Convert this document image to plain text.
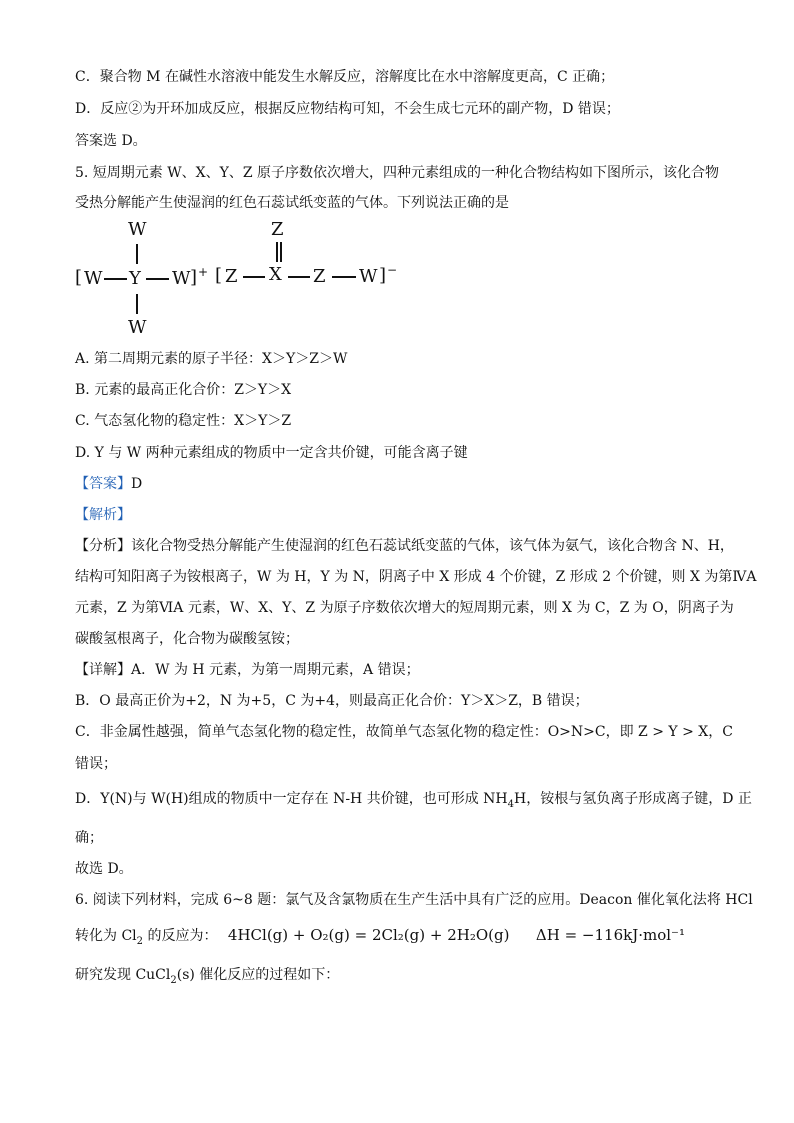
C．聚合物 M 在碱性水溶液中能发生水解反应，溶解度比在水中溶解度更高，C 正确；
D．反应②为开环加成反应，根据反应物结构可知，不会生成七元环的副产物，D 错误；
答案选 D。
5. 短周期元素 W、X、Y、Z 原子序数依次增大，四种元素组成的一种化合物结构如下图所示，该化合物
受热分解能产生使湿润的红色石蕊试纸变蓝的气体。下列说法正确的是
W
[ W Y W ] +
W
[ Z
Z
X Z W ] −
A. 第二周期元素的原子半径：X＞Y＞Z＞W
B. 元素的最高正化合价：Z＞Y＞X
C. 气态氢化物的稳定性：X＞Y＞Z
D. Y 与 W 两种元素组成的物质中一定含共价键，可能含离子键
【答案】D
【解析】
【分析】该化合物受热分解能产生使湿润的红色石蕊试纸变蓝的气体，该气体为氨气，该化合物含 N、H，
结构可知阳离子为铵根离子，W 为 H，Y 为 N，阴离子中 X 形成 4 个价键，Z 形成 2 个价键，则 X 为第ⅣA
元素，Z 为第ⅥA 元素，W、X、Y、Z 为原子序数依次增大的短周期元素，则 X 为 C，Z 为 O，阴离子为
碳酸氢根离子，化合物为碳酸氢铵；
【详解】A．W 为 H 元素，为第一周期元素，A 错误；
B．O 最高正价为+2，N 为+5，C 为+4，则最高正化合价：Y＞X＞Z，B 错误；
C．非金属性越强，简单气态氢化物的稳定性，故简单气态氢化物的稳定性：O>N>C，即 Z > Y > X，C
错误；
D．Y(N)与 W(H)组成的物质中一定存在 N-H 共价键，也可形成 $NH_4H$，铵根与氢负离子形成离子键，D 正
确；
故选 D。
6. 阅读下列材料，完成 6~8 题：氯气及含氯物质在生产生活中具有广泛的应用。Deacon 催化氧化法将 HCl
转化为 $Cl_2$ 的反应为： 4HCl(g) + O₂(g) = 2Cl₂(g) + 2H₂O(g) ΔH = −116kJ·mol⁻¹
研究发现 CuCl$_2$(s) 催化反应的过程如下：
